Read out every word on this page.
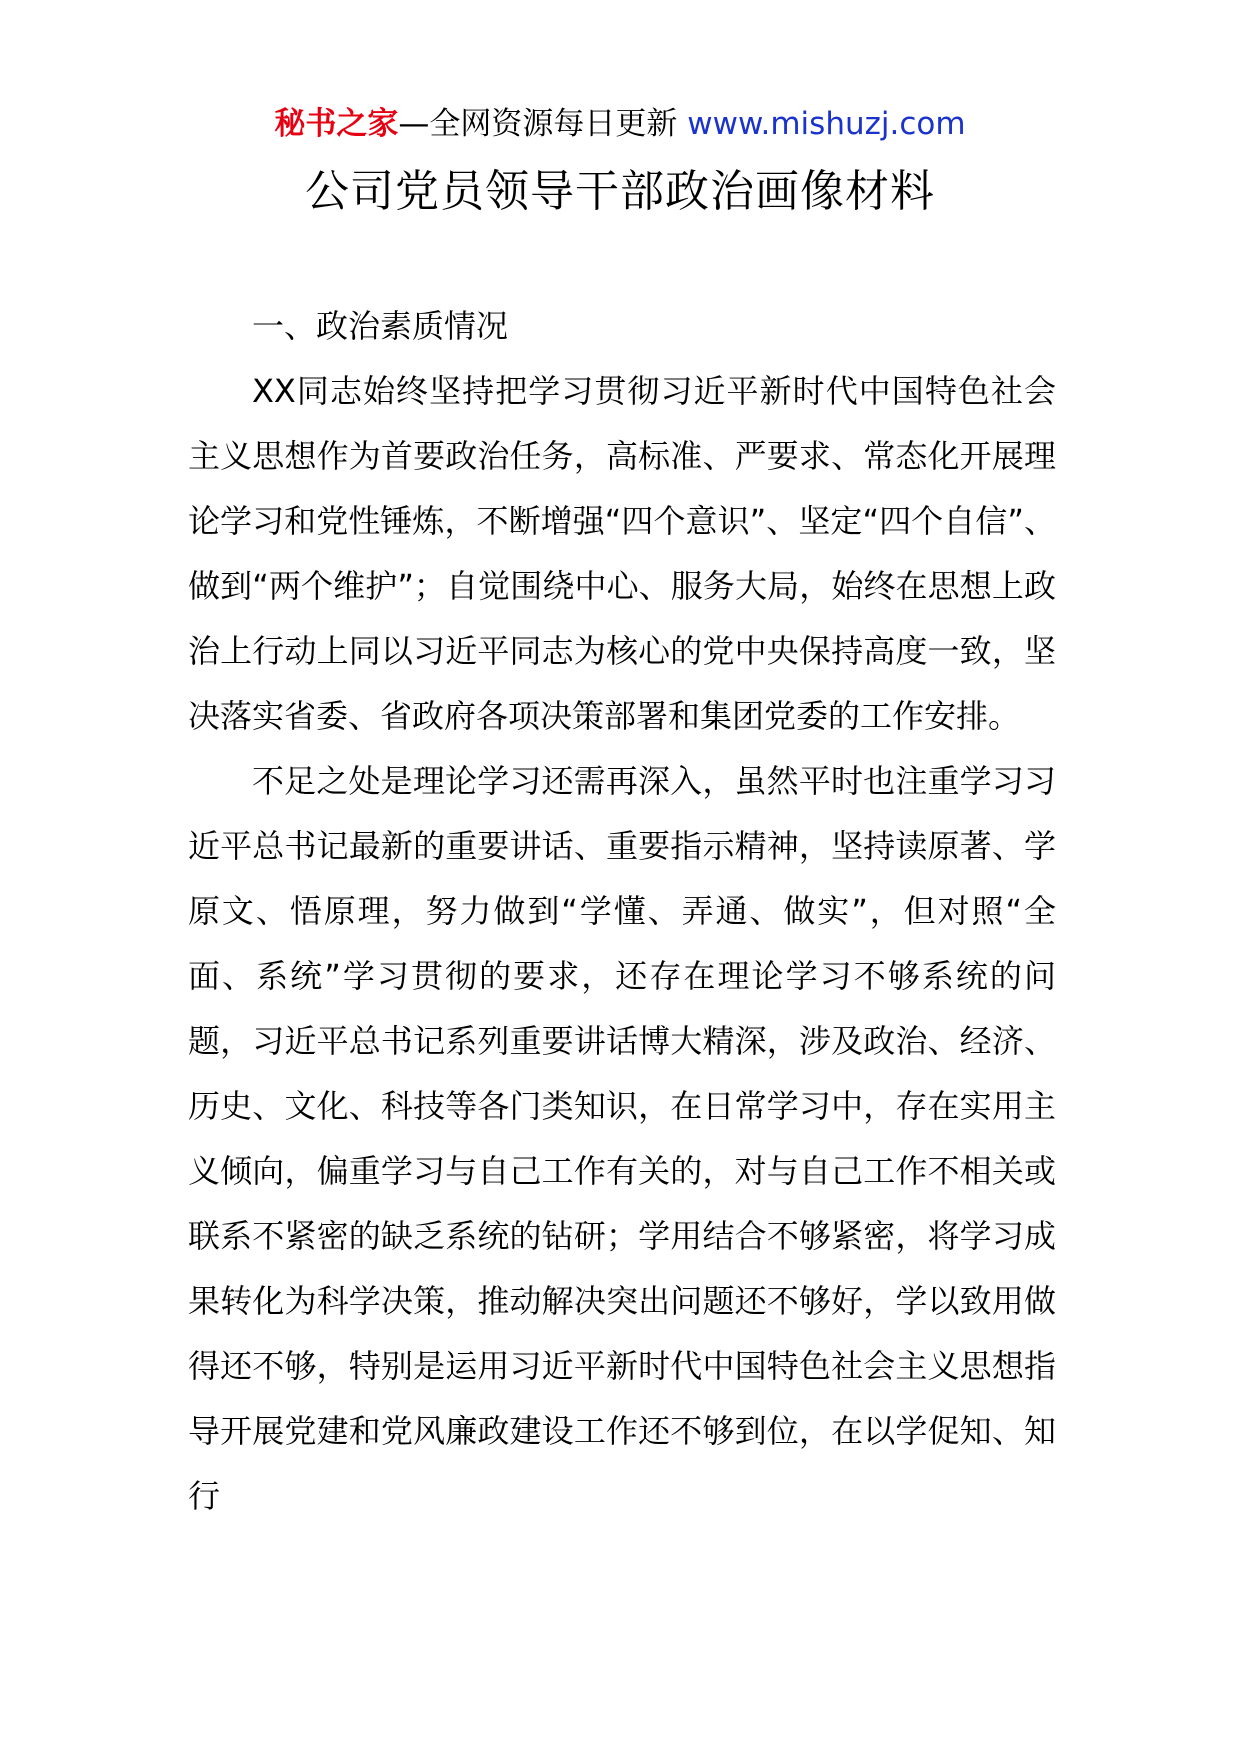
秘书之家—全网资源每日更新 www.mishuzj.com
公司党员领导干部政治画像材料

一、政治素质情况

XX同志始终坚持把学习贯彻习近平新时代中国特色社会主义思想作为首要政治任务，高标准、严要求、常态化开展理论学习和党性锤炼，不断增强“四个意识”、坚定“四个自信”、做到“两个维护”；自觉围绕中心、服务大局，始终在思想上政治上行动上同以习近平同志为核心的党中央保持高度一致，坚决落实省委、省政府各项决策部署和集团党委的工作安排。

不足之处是理论学习还需再深入，虽然平时也注重学习习近平总书记最新的重要讲话、重要指示精神，坚持读原著、学原文、悟原理，努力做到“学懂、弄通、做实”，但对照“全面、系统”学习贯彻的要求，还存在理论学习不够系统的问题，习近平总书记系列重要讲话博大精深，涉及政治、经济、历史、文化、科技等各门类知识，在日常学习中，存在实用主义倾向，偏重学习与自己工作有关的，对与自己工作不相关或联系不紧密的缺乏系统的钻研；学用结合不够紧密，将学习成果转化为科学决策，推动解决突出问题还不够好，学以致用做得还不够，特别是运用习近平新时代中国特色社会主义思想指导开展党建和党风廉政建设工作还不够到位，在以学促知、知行
